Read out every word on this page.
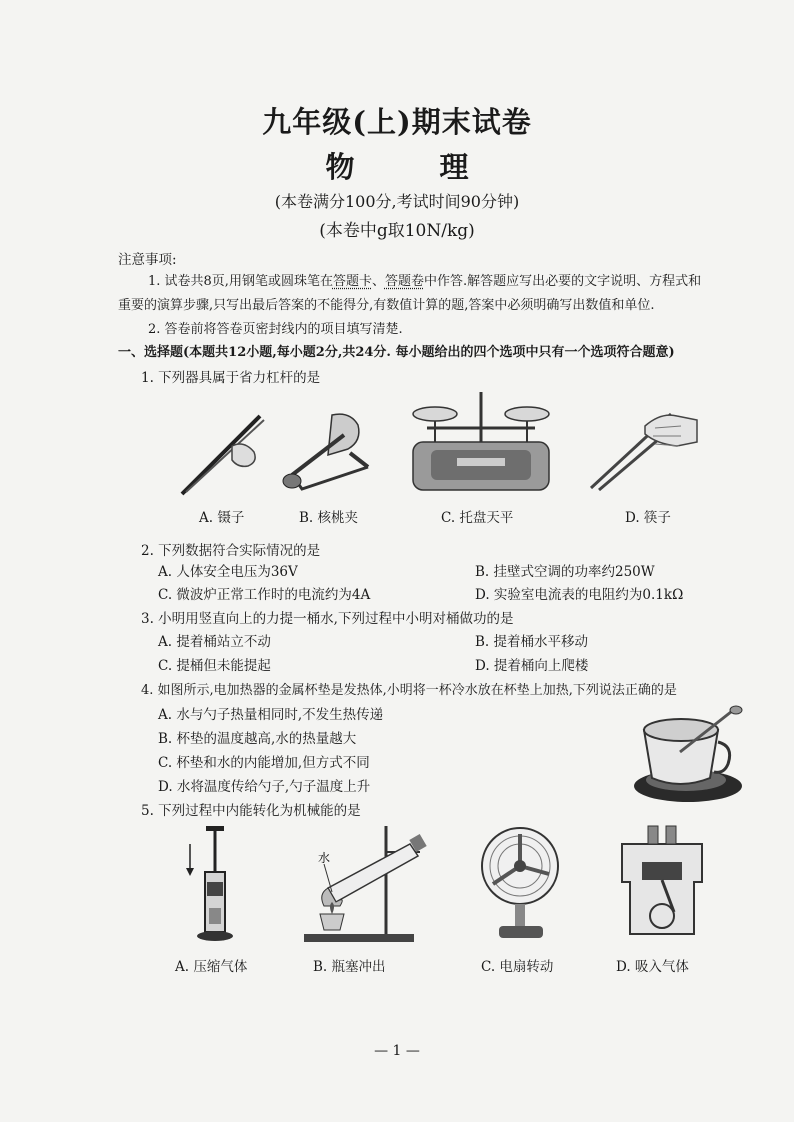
九年级(上)期末试卷
物　理
(本卷满分100分,考试时间90分钟)
(本卷中g取10N/kg)
注意事项:
1. 试卷共8页,用钢笔或圆珠笔在答题卡、答题卷中作答.解答题应写出必要的文字说明、方程式和
重要的演算步骤,只写出最后答案的不能得分,有数值计算的题,答案中必须明确写出数值和单位.
2. 答卷前将答卷页密封线内的项目填写清楚.
一、选择题(本题共12小题,每小题2分,共24分. 每小题给出的四个选项中只有一个选项符合题意)
1. 下列器具属于省力杠杆的是
A. 镊子	B. 核桃夹	C. 托盘天平	D. 筷子
2. 下列数据符合实际情况的是
A. 人体安全电压为36V	B. 挂壁式空调的功率约250W
C. 微波炉正常工作时的电流约为4A	D. 实验室电流表的电阻约为0.1kΩ
3. 小明用竖直向上的力提一桶水,下列过程中小明对桶做功的是
A. 提着桶站立不动	B. 提着桶水平移动
C. 提桶但未能提起	D. 提着桶向上爬楼
4. 如图所示,电加热器的金属杯垫是发热体,小明将一杯冷水放在杯垫上加热,下列说法正确的是
A. 水与勺子热量相同时,不发生热传递
B. 杯垫的温度越高,水的热量越大
C. 杯垫和水的内能增加,但方式不同
D. 水将温度传给勺子,勺子温度上升
5. 下列过程中内能转化为机械能的是
水
A. 压缩气体	B. 瓶塞冲出	C. 电扇转动	D. 吸入气体
— 1 —
